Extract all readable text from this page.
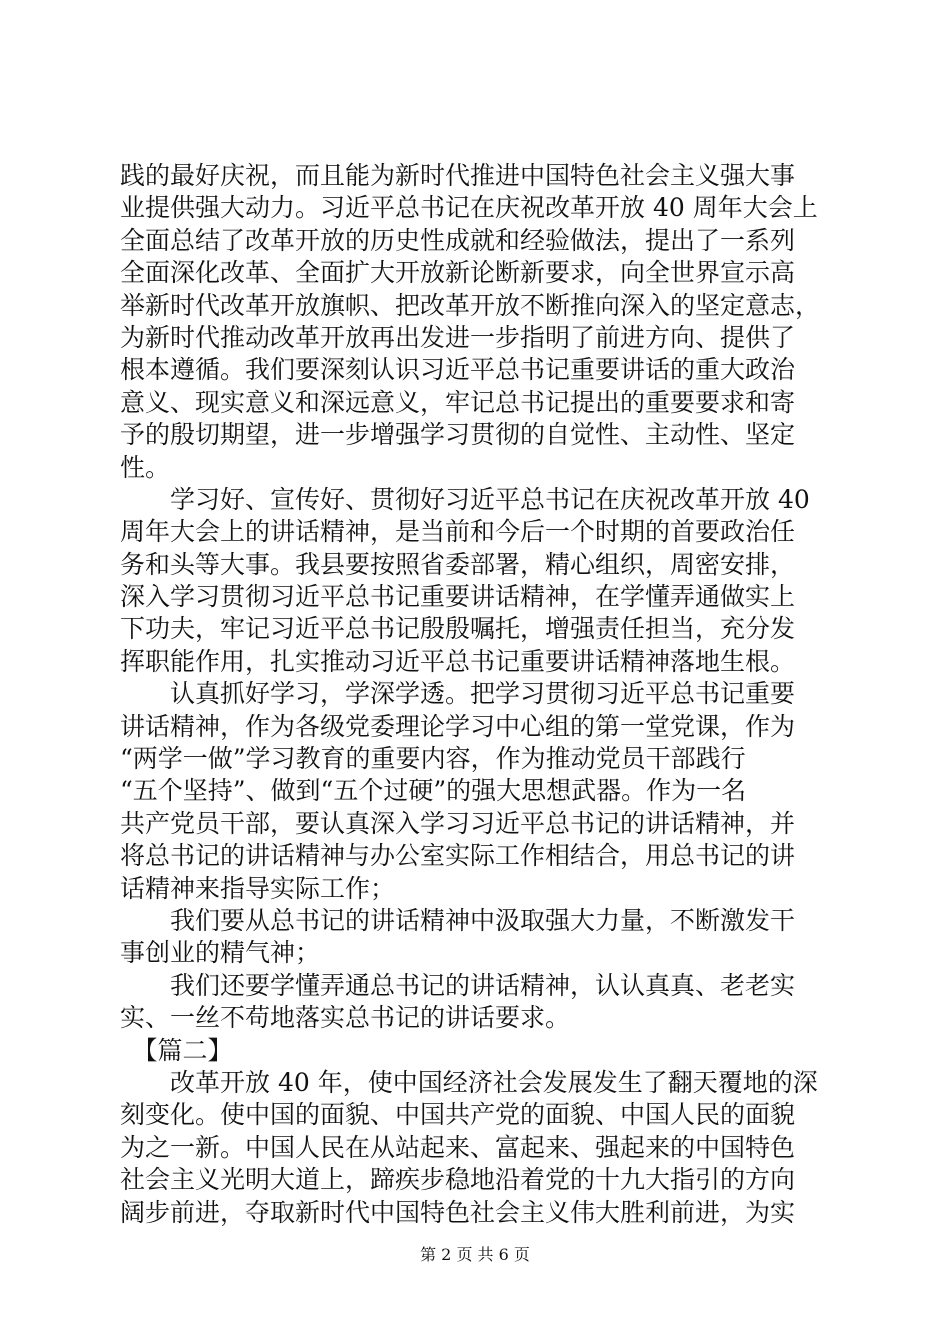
践的最好庆祝，而且能为新时代推进中国特色社会主义强大事
业提供强大动力。习近平总书记在庆祝改革开放 40 周年大会上
全面总结了改革开放的历史性成就和经验做法，提出了一系列
全面深化改革、全面扩大开放新论断新要求，向全世界宣示高
举新时代改革开放旗帜、把改革开放不断推向深入的坚定意志，
为新时代推动改革开放再出发进一步指明了前进方向、提供了
根本遵循。我们要深刻认识习近平总书记重要讲话的重大政治
意义、现实意义和深远意义，牢记总书记提出的重要要求和寄
予的殷切期望，进一步增强学习贯彻的自觉性、主动性、坚定
性。
　　学习好、宣传好、贯彻好习近平总书记在庆祝改革开放 40
周年大会上的讲话精神，是当前和今后一个时期的首要政治任
务和头等大事。我县要按照省委部署，精心组织，周密安排，
深入学习贯彻习近平总书记重要讲话精神，在学懂弄通做实上
下功夫，牢记习近平总书记殷殷嘱托，增强责任担当，充分发
挥职能作用，扎实推动习近平总书记重要讲话精神落地生根。
　　认真抓好学习，学深学透。把学习贯彻习近平总书记重要
讲话精神，作为各级党委理论学习中心组的第一堂党课，作为
“两学一做”学习教育的重要内容，作为推动党员干部践行
“五个坚持”、做到“五个过硬”的强大思想武器。作为一名
共产党员干部，要认真深入学习习近平总书记的讲话精神，并
将总书记的讲话精神与办公室实际工作相结合，用总书记的讲
话精神来指导实际工作；
　　我们要从总书记的讲话精神中汲取强大力量，不断激发干
事创业的精气神；
　　我们还要学懂弄通总书记的讲话精神，认认真真、老老实
实、一丝不苟地落实总书记的讲话要求。
　【篇二】
　　改革开放 40 年，使中国经济社会发展发生了翻天覆地的深
刻变化。使中国的面貌、中国共产党的面貌、中国人民的面貌
为之一新。中国人民在从站起来、富起来、强起来的中国特色
社会主义光明大道上，蹄疾步稳地沿着党的十九大指引的方向
阔步前进，夺取新时代中国特色社会主义伟大胜利前进，为实
第 2 页 共 6 页
